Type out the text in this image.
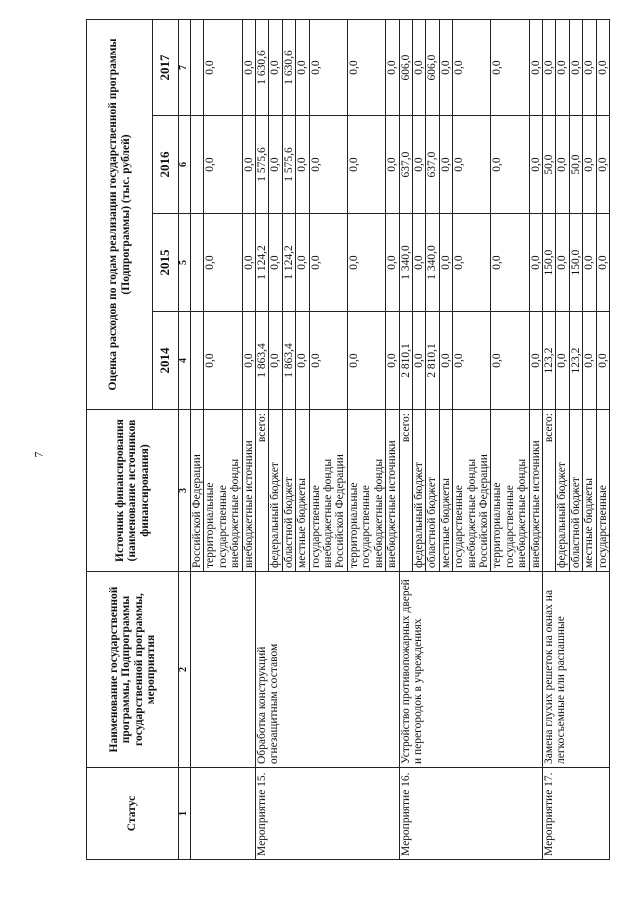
7
Статус	Наименование государственной программы, Подпрограммы государственной программы, мероприятия	Источник финансирования (наименование источников финансирования)	Оценка расходов по годам реализации государственной программы (Подпрограммы) (тыс. рублей)			
			2014	2015	2016	2017
1	2	3	4	5	6	7
		Российской Федерации				
		территориальные государственные внебюджетные фонды	0,0	0,0	0,0	0,0
		внебюджетные источники	0,0	0,0	0,0	0,0
Мероприятие 15.	Обработка конструкций огнезащитным составом	всего:	1 863,4	1 124,2	1 575,6	1 630,6
		федеральный бюджет	0,0	0,0	0,0	0,0
		областной бюджет	1 863,4	1 124,2	1 575,6	1 630,6
		местные бюджеты	0,0	0,0	0,0	0,0
		государственные внебюджетные фонды Российской Федерации	0,0	0,0	0,0	0,0
		территориальные государственные внебюджетные фонды	0,0	0,0	0,0	0,0
		внебюджетные источники	0,0	0,0	0,0	0,0
Мероприятие 16.	Устройство противопожарных дверей и перегородок в учреждениях	всего:	2 810,1	1 340,0	637,0	606,0
		федеральный бюджет	0,0	0,0	0,0	0,0
		областной бюджет	2 810,1	1 340,0	637,0	606,0
		местные бюджеты	0,0	0,0	0,0	0,0
		государственные внебюджетные фонды Российской Федерации	0,0	0,0	0,0	0,0
		территориальные государственные внебюджетные фонды	0,0	0,0	0,0	0,0
		внебюджетные источники	0,0	0,0	0,0	0,0
Мероприятие 17.	Замена глухих решеток на окнах на легкосъемные или распашные	всего:	123,2	150,0	50,0	0,0
		федеральный бюджет	0,0	0,0	0,0	0,0
		областной бюджет	123,2	150,0	50,0	0,0
		местные бюджеты	0,0	0,0	0,0	0,0
		государственные	0,0	0,0	0,0	0,0
